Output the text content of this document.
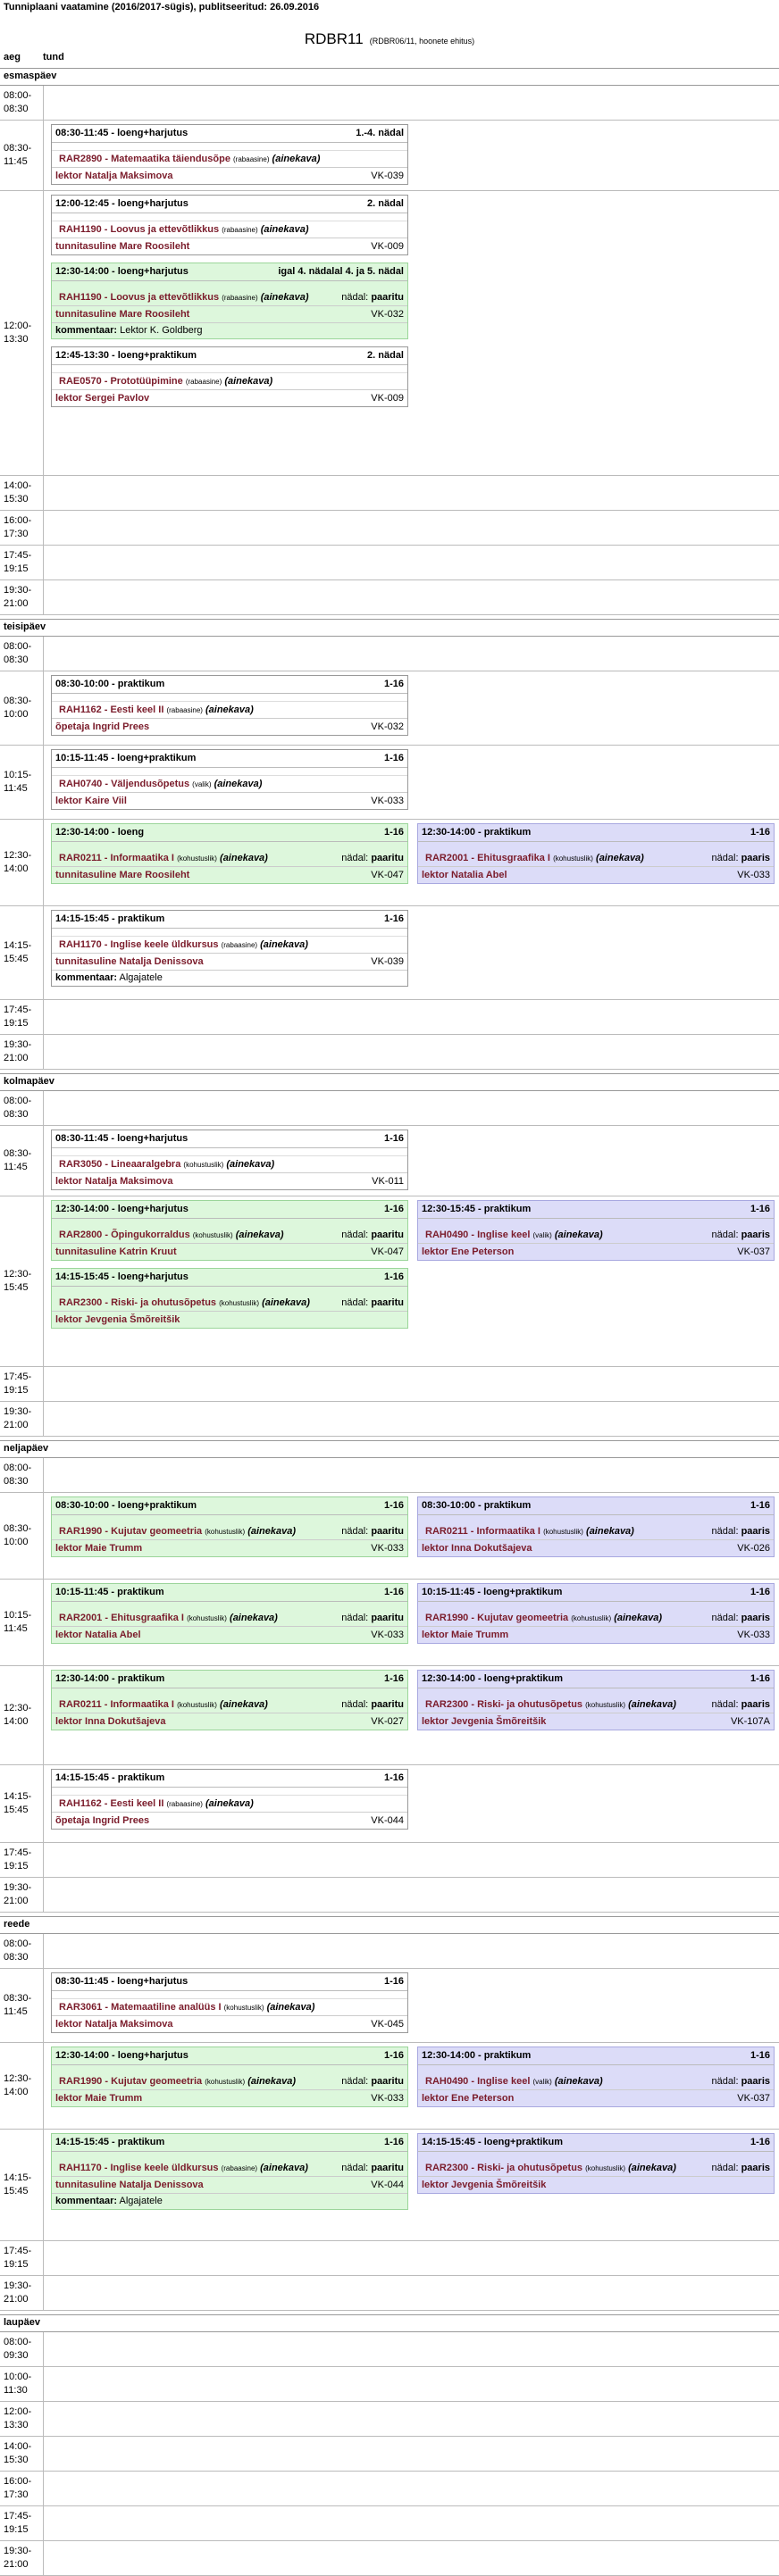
Tunniplaani vaatamine (2016/2017-sügis), publitseeritud: 26.09.2016
RDBR11 (RDBR06/11, hoonete ehitus)
aeg	tund
esmaspäev
08:00-08:30
08:30-11:45
08:30-11:45 - loeng+harjutus	1.-4. nädal
RAR2890 - Matemaatika täiendusõpe (rabaasine) (ainekava)
lektor Natalja Maksimova	VK-039
12:00-13:30
12:00-12:45 - loeng+harjutus	2. nädal
RAH1190 - Loovus ja ettevõtlikkus (rabaasine) (ainekava)
tunnitasuline Mare Roosileht	VK-009
12:30-14:00 - loeng+harjutus	igal 4. nädalal 4. ja 5. nädal
RAH1190 - Loovus ja ettevõtlikkus (rabaasine) (ainekava)	nädal: paaritu
tunnitasuline Mare Roosileht	VK-032
kommentaar: Lektor K. Goldberg
12:45-13:30 - loeng+praktikum	2. nädal
RAE0570 - Prototüüpimine (rabaasine) (ainekava)
lektor Sergei Pavlov	VK-009
14:00-15:30
16:00-17:30
17:45-19:15
19:30-21:00
teisipäev
08:00-08:30
08:30-10:00
08:30-10:00 - praktikum	1-16
RAH1162 - Eesti keel II (rabaasine) (ainekava)
õpetaja Ingrid Prees	VK-032
10:15-11:45
10:15-11:45 - loeng+praktikum	1-16
RAH0740 - Väljendusõpetus (valik) (ainekava)
lektor Kaire Viil	VK-033
12:30-14:00
12:30-14:00 - loeng	1-16
RAR0211 - Informaatika I (kohustuslik) (ainekava)	nädal: paaritu
tunnitasuline Mare Roosileht	VK-047
12:30-14:00 - praktikum	1-16
RAR2001 - Ehitusgraafika I (kohustuslik) (ainekava)	nädal: paaris
lektor Natalia Abel	VK-033
14:15-15:45
14:15-15:45 - praktikum	1-16
RAH1170 - Inglise keele üldkursus (rabaasine) (ainekava)
tunnitasuline Natalja Denissova	VK-039
kommentaar: Algajatele
17:45-19:15
19:30-21:00
kolmapäev
08:00-08:30
08:30-11:45
08:30-11:45 - loeng+harjutus	1-16
RAR3050 - Lineaaralgebra (kohustuslik) (ainekava)
lektor Natalja Maksimova	VK-011
12:30-15:45
12:30-14:00 - loeng+harjutus	1-16
RAR2800 - Õpingukorraldus (kohustuslik) (ainekava)	nädal: paaritu
tunnitasuline Katrin Kruut	VK-047
14:15-15:45 - loeng+harjutus	1-16
RAR2300 - Riski- ja ohutusõpetus (kohustuslik) (ainekava)	nädal: paaritu
lektor Jevgenia Šmõreitšik
12:30-15:45 - praktikum	1-16
RAH0490 - Inglise keel (valik) (ainekava)	nädal: paaris
lektor Ene Peterson	VK-037
17:45-19:15
19:30-21:00
neljapäev
08:00-08:30
08:30-10:00
08:30-10:00 - loeng+praktikum	1-16
RAR1990 - Kujutav geomeetria (kohustuslik) (ainekava)	nädal: paaritu
lektor Maie Trumm	VK-033
08:30-10:00 - praktikum	1-16
RAR0211 - Informaatika I (kohustuslik) (ainekava)	nädal: paaris
lektor Inna Dokutšajeva	VK-026
10:15-11:45
10:15-11:45 - praktikum	1-16
RAR2001 - Ehitusgraafika I (kohustuslik) (ainekava)	nädal: paaritu
lektor Natalia Abel	VK-033
10:15-11:45 - loeng+praktikum	1-16
RAR1990 - Kujutav geomeetria (kohustuslik) (ainekava)	nädal: paaris
lektor Maie Trumm	VK-033
12:30-14:00
12:30-14:00 - praktikum	1-16
RAR0211 - Informaatika I (kohustuslik) (ainekava)	nädal: paaritu
lektor Inna Dokutšajeva	VK-027
12:30-14:00 - loeng+praktikum	1-16
RAR2300 - Riski- ja ohutusõpetus (kohustuslik) (ainekava)	nädal: paaris
lektor Jevgenia Šmõreitšik	VK-107A
14:15-15:45
14:15-15:45 - praktikum	1-16
RAH1162 - Eesti keel II (rabaasine) (ainekava)
õpetaja Ingrid Prees	VK-044
17:45-19:15
19:30-21:00
reede
08:00-08:30
08:30-11:45
08:30-11:45 - loeng+harjutus	1-16
RAR3061 - Matemaatiline analüüs I (kohustuslik) (ainekava)
lektor Natalja Maksimova	VK-045
12:30-14:00
12:30-14:00 - loeng+harjutus	1-16
RAR1990 - Kujutav geomeetria (kohustuslik) (ainekava)	nädal: paaritu
lektor Maie Trumm	VK-033
12:30-14:00 - praktikum	1-16
RAH0490 - Inglise keel (valik) (ainekava)	nädal: paaris
lektor Ene Peterson	VK-037
14:15-15:45
14:15-15:45 - praktikum	1-16
RAH1170 - Inglise keele üldkursus (rabaasine) (ainekava)	nädal: paaritu
tunnitasuline Natalja Denissova	VK-044
kommentaar: Algajatele
14:15-15:45 - loeng+praktikum	1-16
RAR2300 - Riski- ja ohutusõpetus (kohustuslik) (ainekava)	nädal: paaris
lektor Jevgenia Šmõreitšik
17:45-19:15
19:30-21:00
laupäev
08:00-09:30
10:00-11:30
12:00-13:30
14:00-15:30
16:00-17:30
17:45-19:15
19:30-21:00
